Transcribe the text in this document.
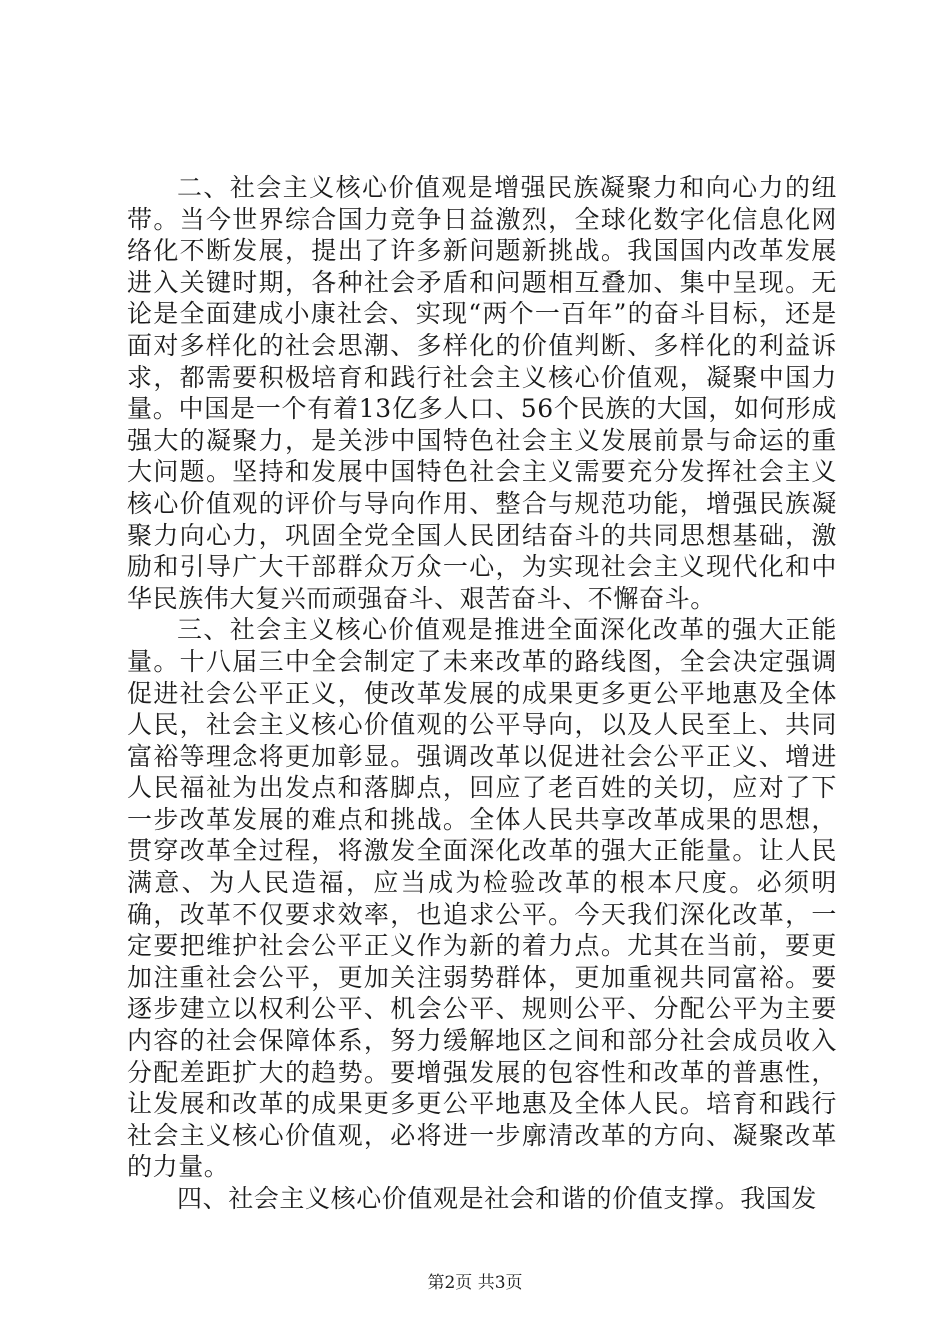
二、社会主义核心价值观是增强民族凝聚力和向心力的纽带。当今世界综合国力竞争日益激烈，全球化数字化信息化网络化不断发展，提出了许多新问题新挑战。我国国内改革发展进入关键时期，各种社会矛盾和问题相互叠加、集中呈现。无论是全面建成小康社会、实现“两个一百年”的奋斗目标，还是面对多样化的社会思潮、多样化的价值判断、多样化的利益诉求，都需要积极培育和践行社会主义核心价值观，凝聚中国力量。中国是一个有着13亿多人口、56个民族的大国，如何形成强大的凝聚力，是关涉中国特色社会主义发展前景与命运的重大问题。坚持和发展中国特色社会主义需要充分发挥社会主义核心价值观的评价与导向作用、整合与规范功能，增强民族凝聚力向心力，巩固全党全国人民团结奋斗的共同思想基础，激励和引导广大干部群众万众一心，为实现社会主义现代化和中华民族伟大复兴而顽强奋斗、艰苦奋斗、不懈奋斗。

三、社会主义核心价值观是推进全面深化改革的强大正能量。十八届三中全会制定了未来改革的路线图，全会决定强调促进社会公平正义，使改革发展的成果更多更公平地惠及全体人民，社会主义核心价值观的公平导向，以及人民至上、共同富裕等理念将更加彰显。强调改革以促进社会公平正义、增进人民福祉为出发点和落脚点，回应了老百姓的关切，应对了下一步改革发展的难点和挑战。全体人民共享改革成果的思想，贯穿改革全过程，将激发全面深化改革的强大正能量。让人民满意、为人民造福，应当成为检验改革的根本尺度。必须明确，改革不仅要求效率，也追求公平。今天我们深化改革，一定要把维护社会公平正义作为新的着力点。尤其在当前，要更加注重社会公平，更加关注弱势群体，更加重视共同富裕。要逐步建立以权利公平、机会公平、规则公平、分配公平为主要内容的社会保障体系，努力缓解地区之间和部分社会成员收入分配差距扩大的趋势。要增强发展的包容性和改革的普惠性，让发展和改革的成果更多更公平地惠及全体人民。培育和践行社会主义核心价值观，必将进一步廓清改革的方向、凝聚改革的力量。

四、社会主义核心价值观是社会和谐的价值支撑。我国发

第2页 共3页
